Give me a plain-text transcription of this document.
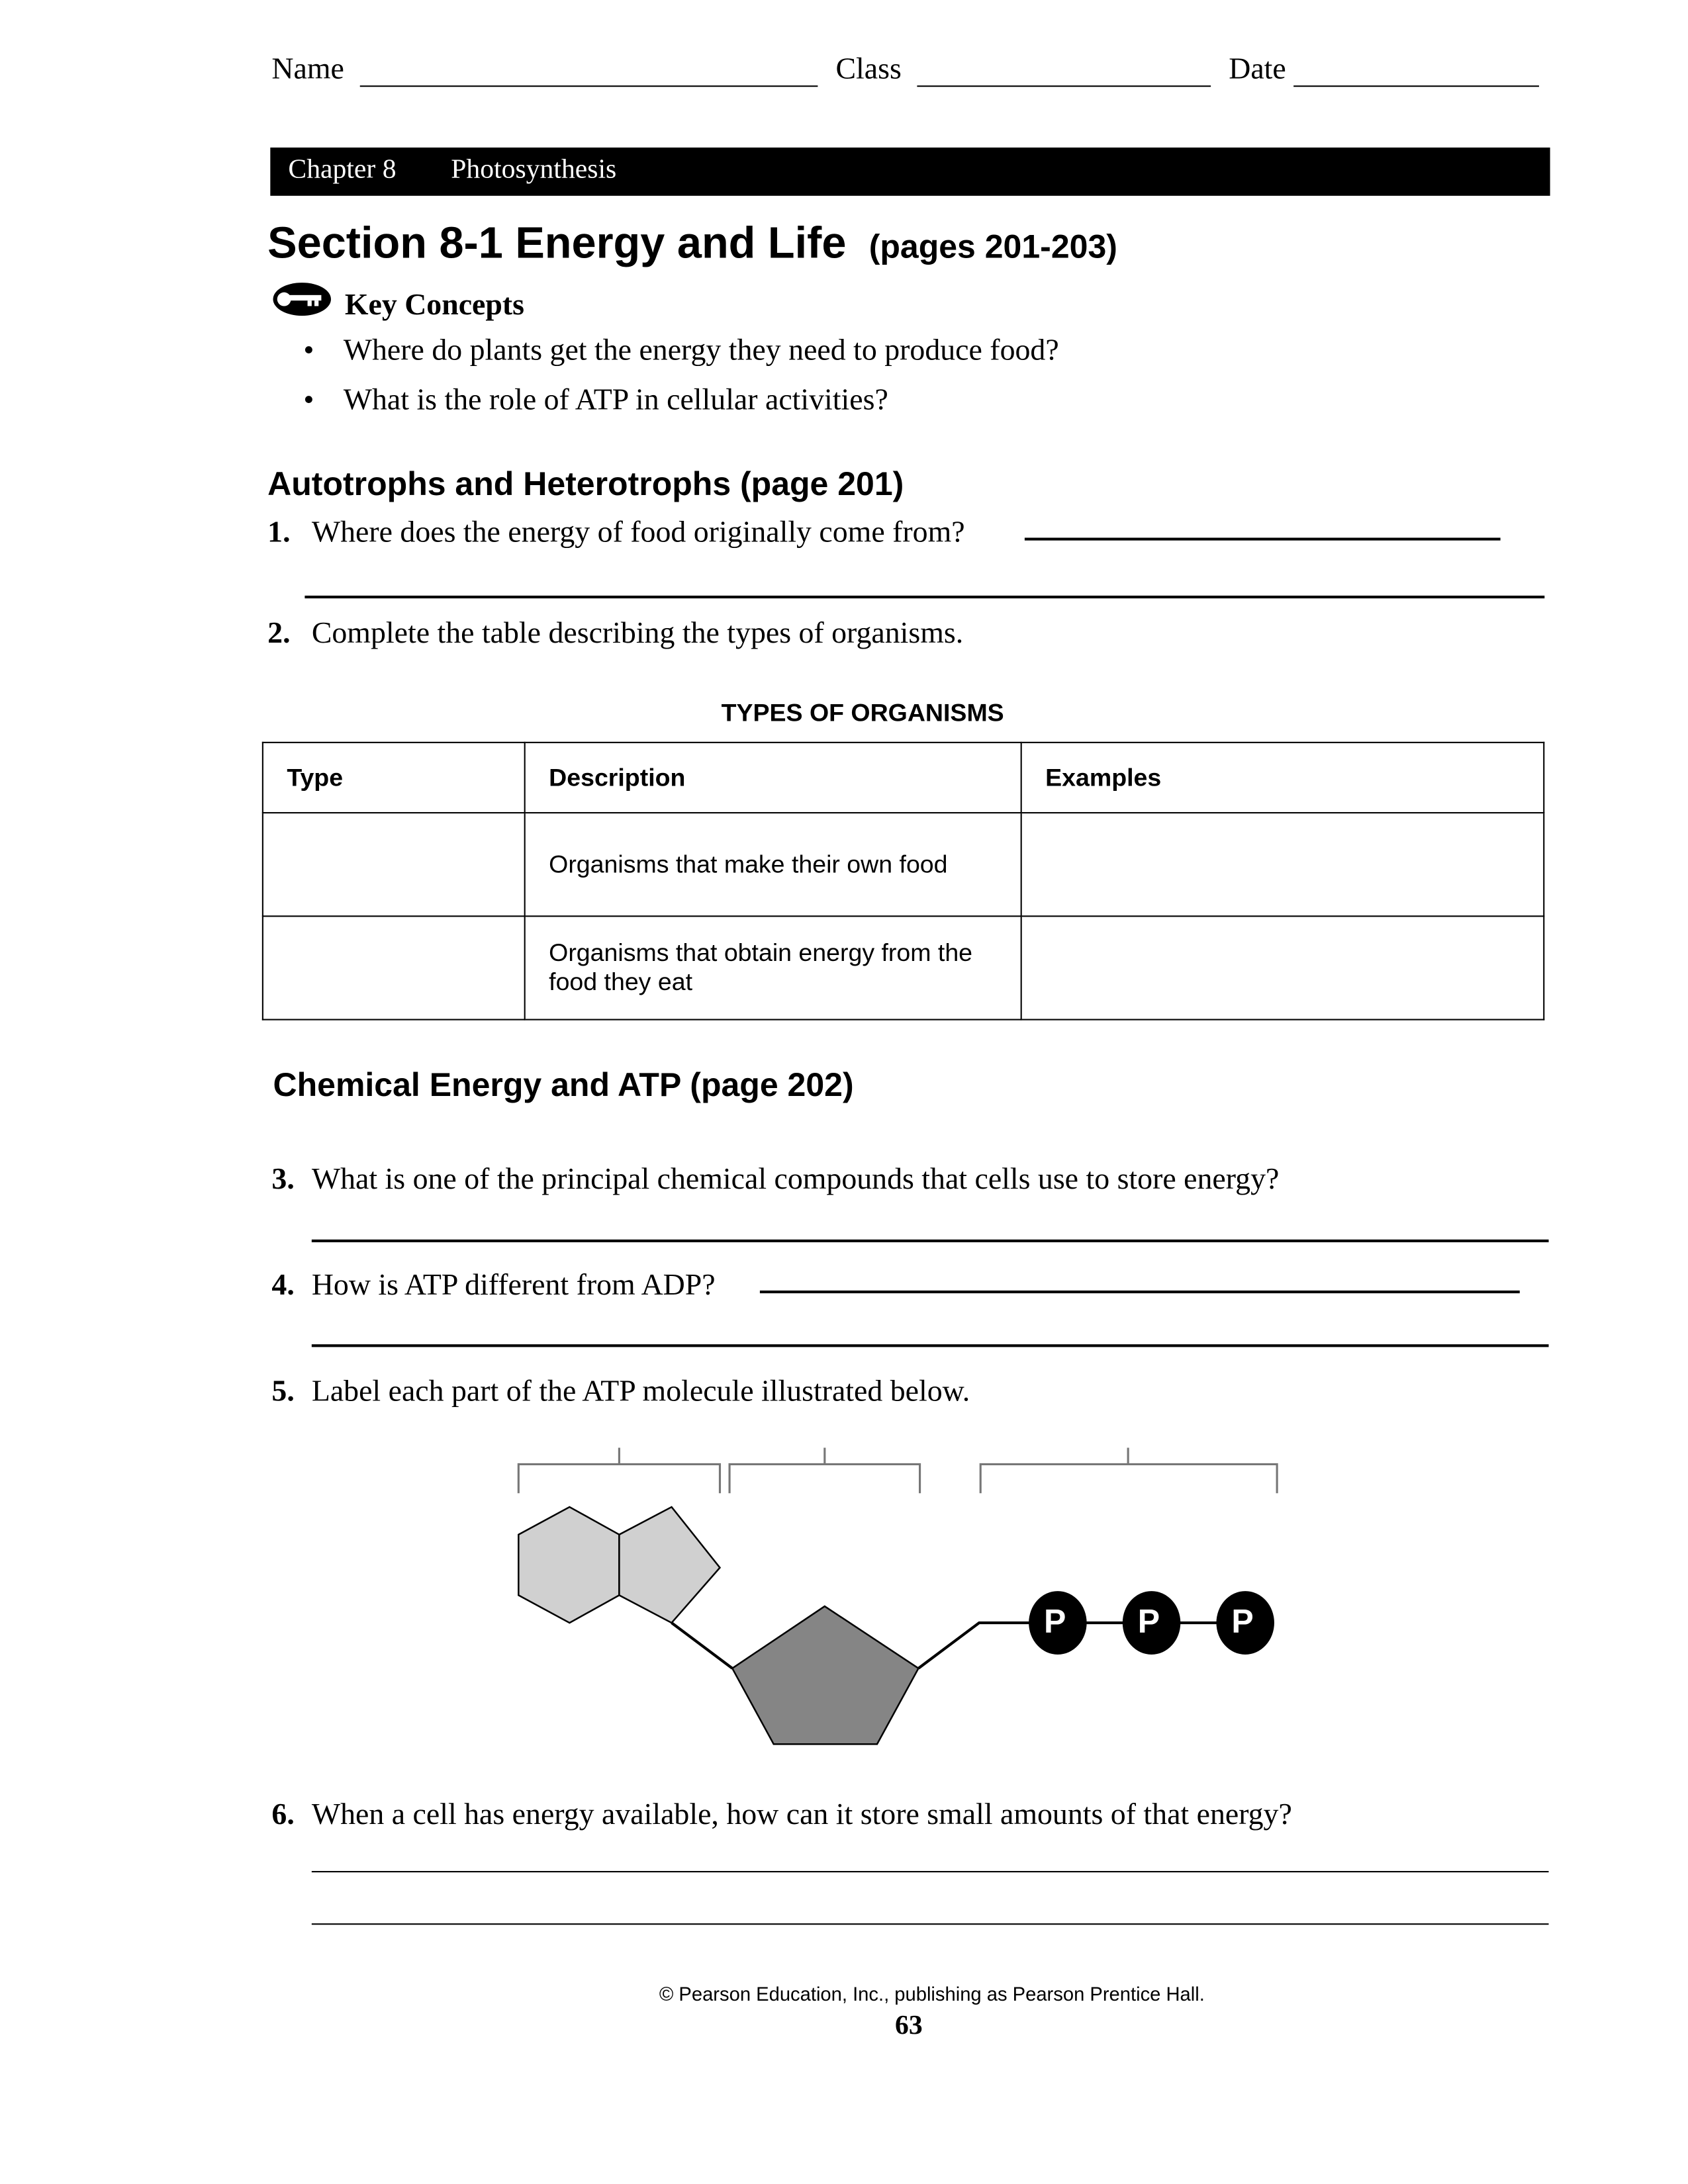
Name	Class	Date
Chapter 8	Photosynthesis
Section 8-1 Energy and Life (pages 201-203)
Key Concepts
• Where do plants get the energy they need to produce food?
• What is the role of ATP in cellular activities?
Autotrophs and Heterotrophs (page 201)
1. Where does the energy of food originally come from?
2. Complete the table describing the types of organisms.
TYPES OF ORGANISMS
Type	Description	Examples
	Organisms that make their own food	
	Organisms that obtain energy from the food they eat	
Chemical Energy and ATP (page 202)
3. What is one of the principal chemical compounds that cells use to store energy?
4. How is ATP different from ADP?
5. Label each part of the ATP molecule illustrated below.
P	P	P
6. When a cell has energy available, how can it store small amounts of that energy?
© Pearson Education, Inc., publishing as Pearson Prentice Hall.
63
